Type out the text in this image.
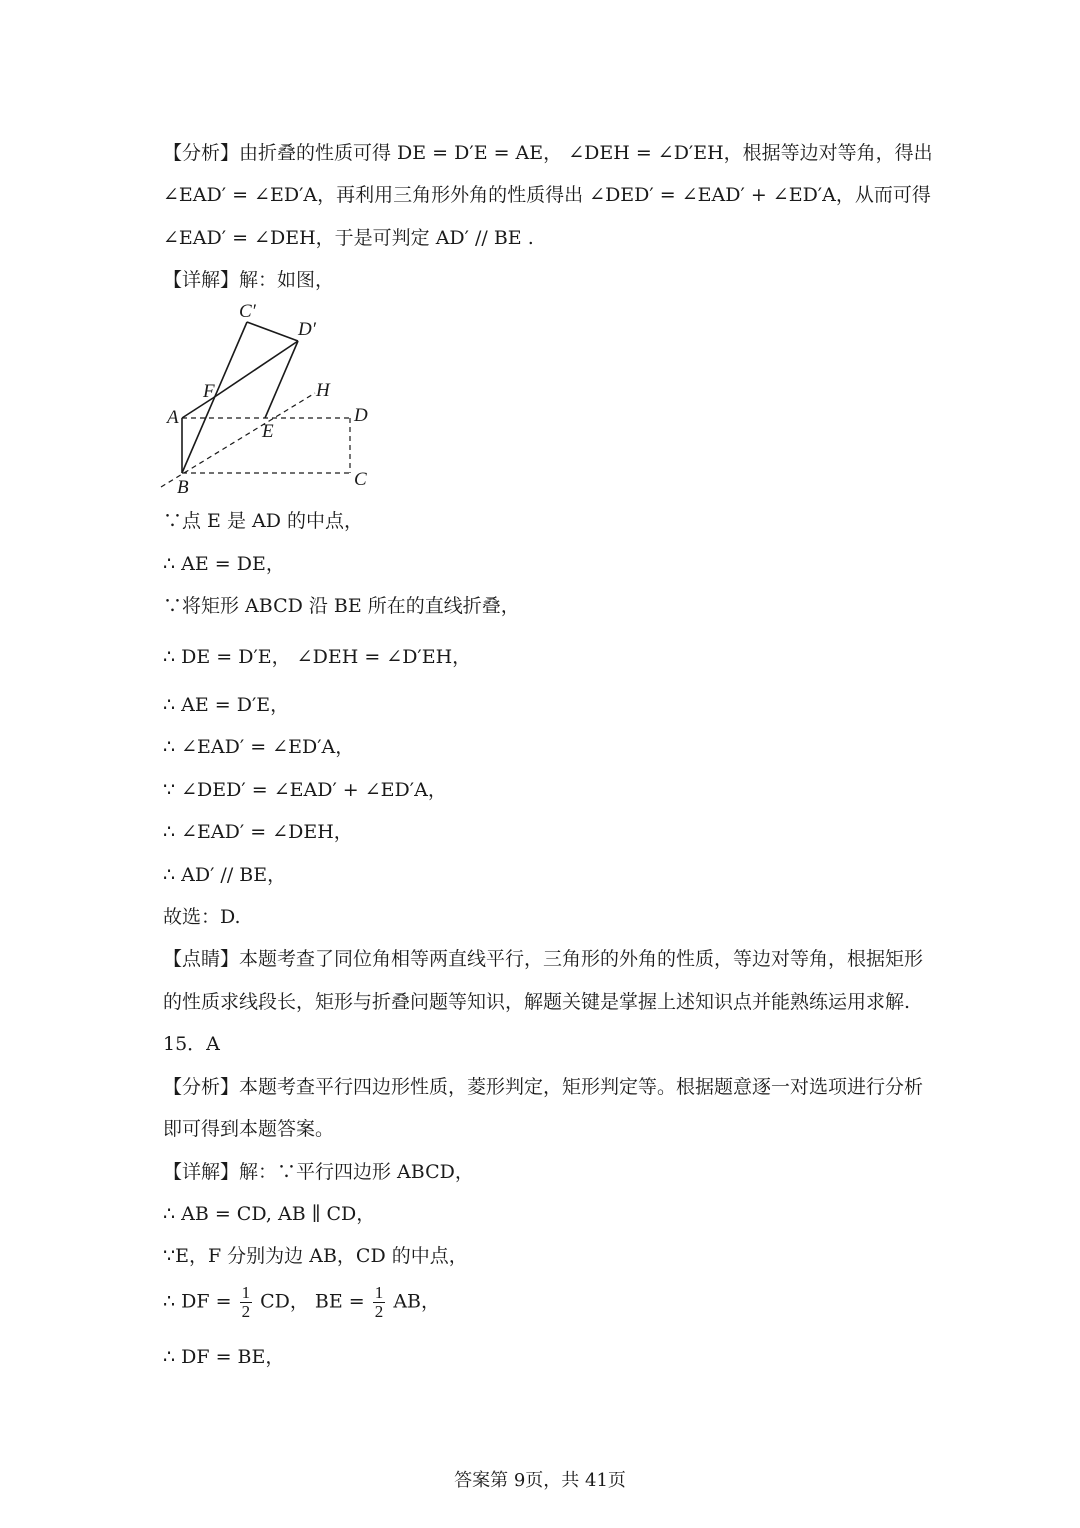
【分析】由折叠的性质可得 DE = D′E = AE， ∠DEH = ∠D′EH，根据等边对等角，得出
∠EAD′ = ∠ED′A，再利用三角形外角的性质得出 ∠DED′ = ∠EAD′ + ∠ED′A，从而可得
∠EAD′ = ∠DEH，于是可判定 AD′ // BE .
【详解】解：如图，
C′
D′
F	H
A
E
D
B	C
∵点 E 是 AD 的中点，
∴ AE = DE，
∵将矩形 ABCD 沿 BE 所在的直线折叠，
∴ DE = D′E， ∠DEH = ∠D′EH，
∴ AE = D′E，
∴ ∠EAD′ = ∠ED′A，
∵ ∠DED′ = ∠EAD′ + ∠ED′A，
∴ ∠EAD′ = ∠DEH，
∴ AD′ // BE，
故选：D.
【点睛】本题考查了同位角相等两直线平行，三角形的外角的性质，等边对等角，根据矩形
的性质求线段长，矩形与折叠问题等知识，解题关键是掌握上述知识点并能熟练运用求解.
15．A
【分析】本题考查平行四边形性质，菱形判定，矩形判定等。根据题意逐一对选项进行分析
即可得到本题答案。
【详解】解：∵平行四边形 ABCD，
∴ AB = CD, AB ∥ CD，
∵E，F 分别为边 AB，CD 的中点，
∴ DF = $\frac{1}{2}$ CD， BE = $\frac{1}{2}$ AB，
∴ DF = BE，
答案第 9页，共 41页
